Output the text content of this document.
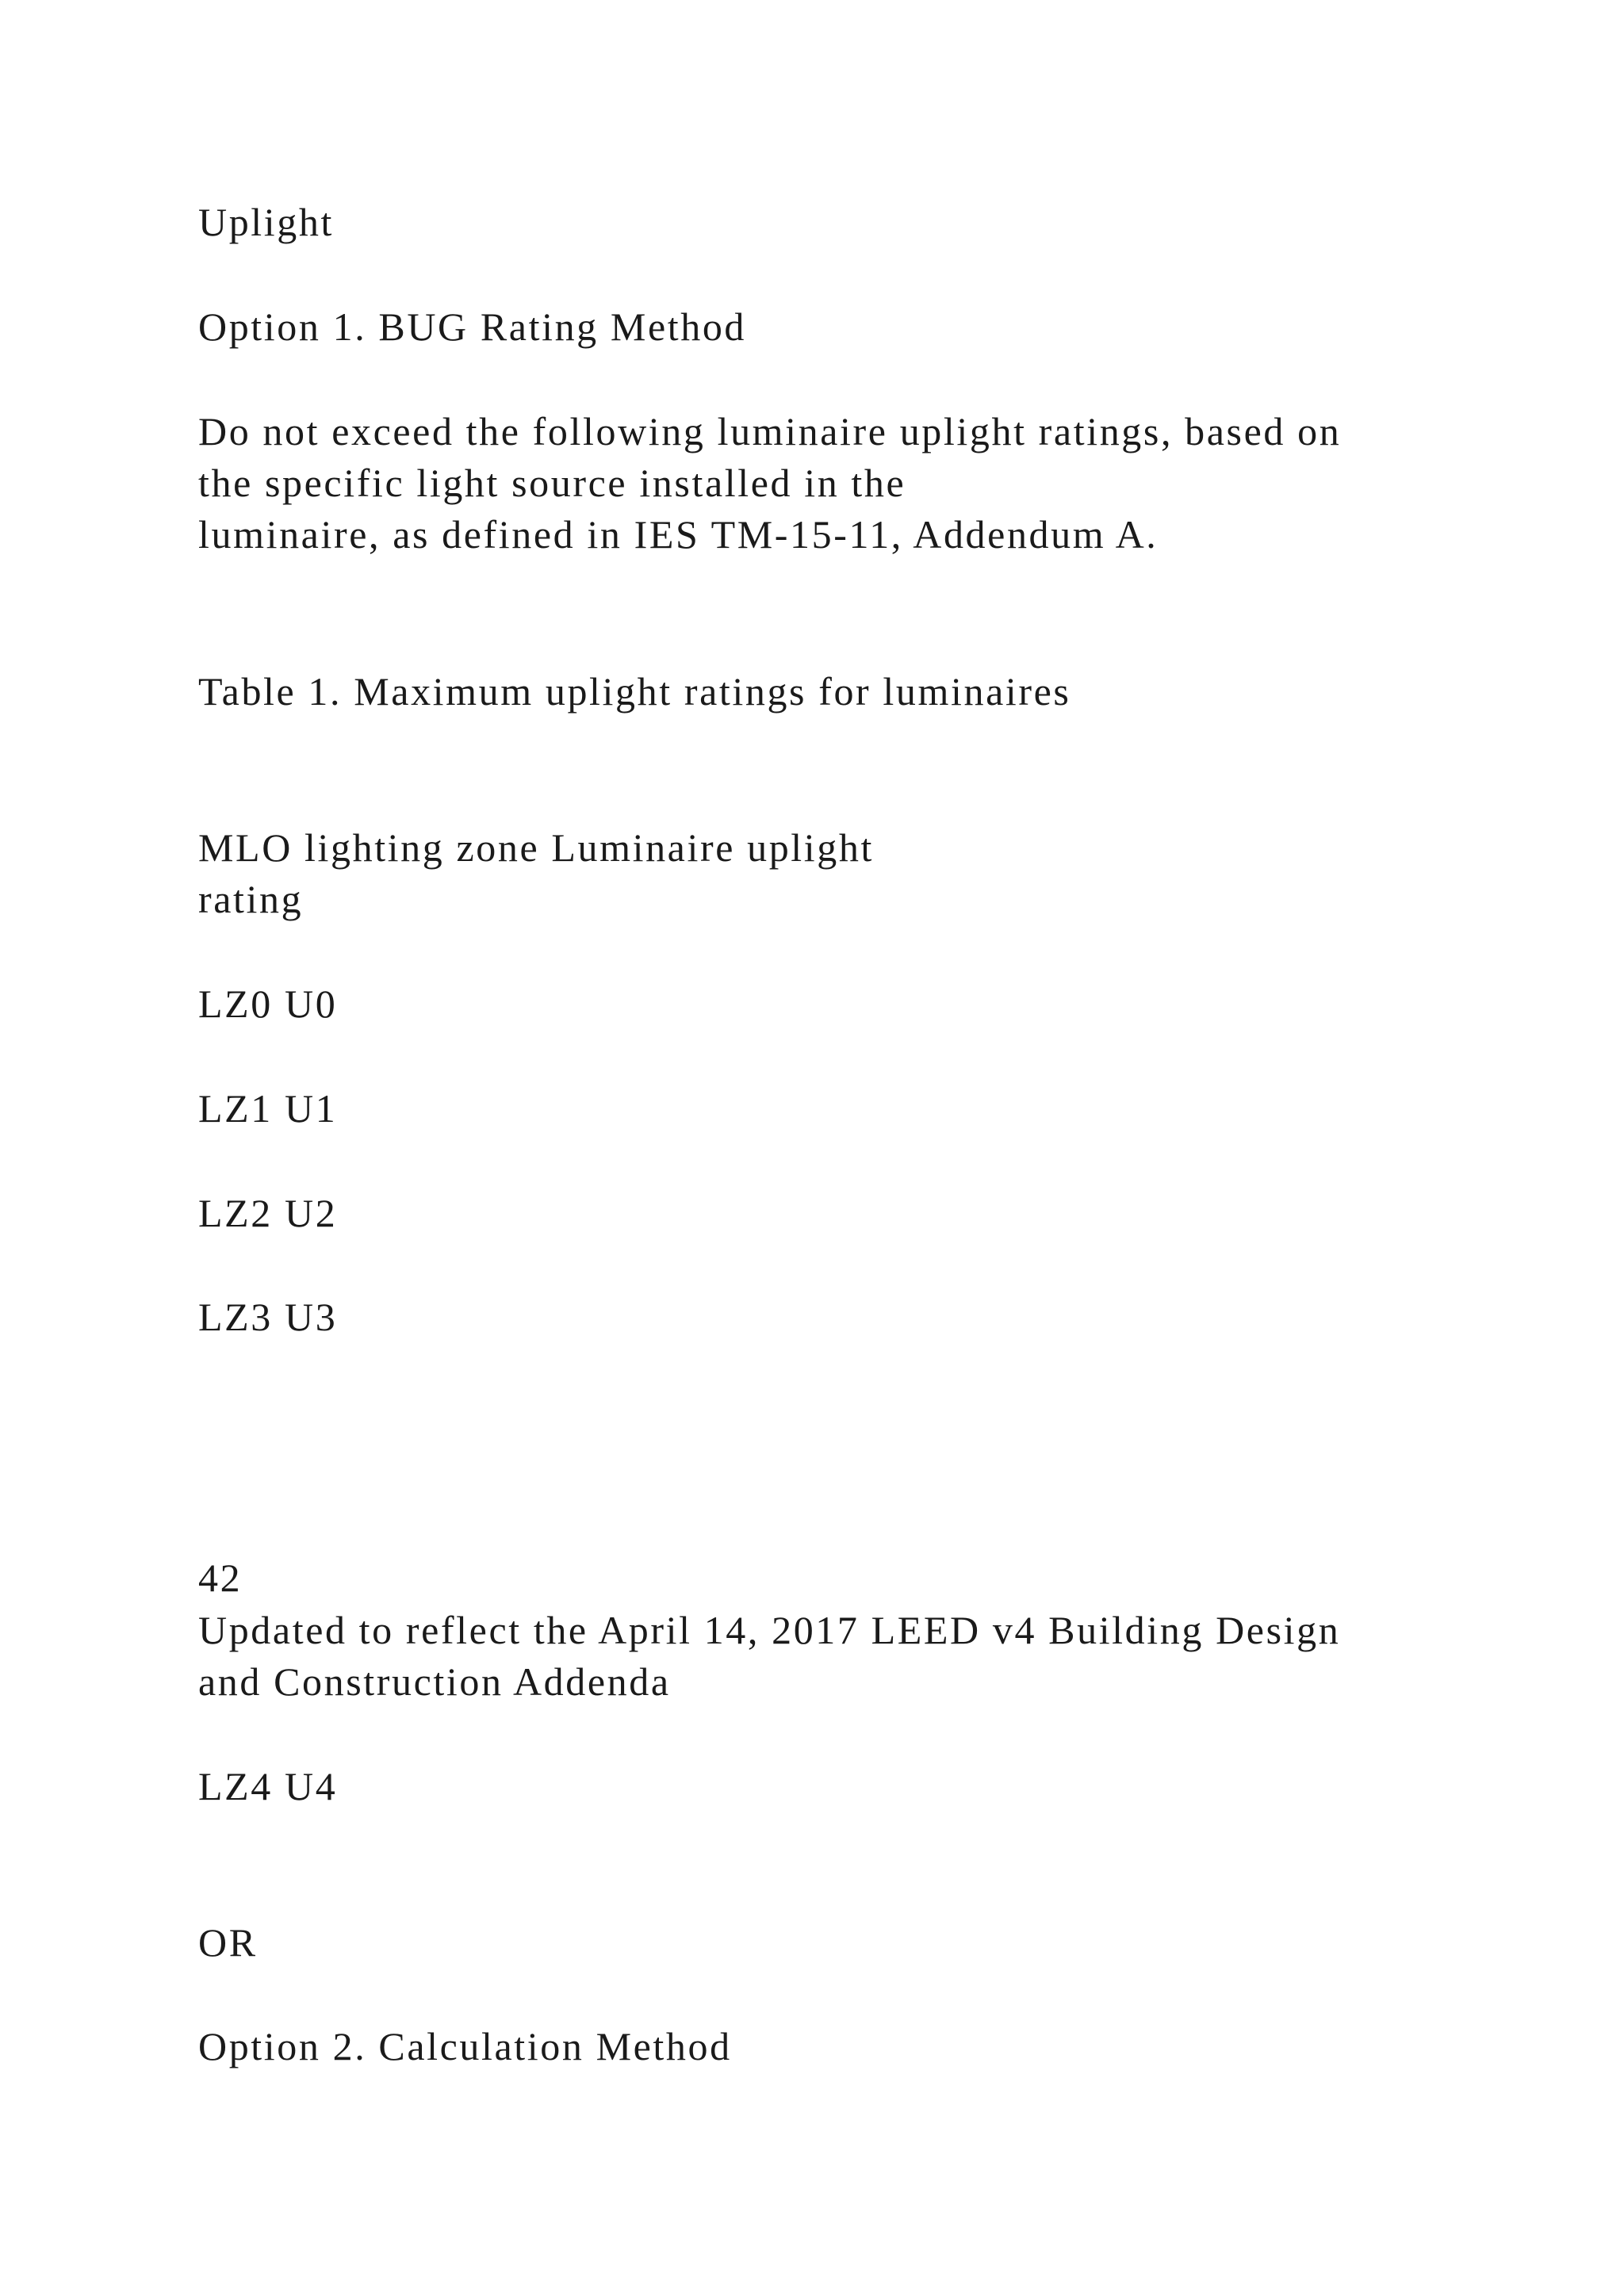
Uplight

Option 1. BUG Rating Method

Do not exceed the following luminaire uplight ratings, based on

the specific light source installed in the

luminaire, as defined in IES TM-15-11, Addendum A.

Table 1. Maximum uplight ratings for luminaires

MLO lighting zone Luminaire uplight

rating

LZ0 U0

LZ1 U1

LZ2 U2

LZ3 U3

42

Updated to reflect the April 14, 2017 LEED v4 Building Design

and Construction Addenda

LZ4 U4

OR

Option 2. Calculation Method
